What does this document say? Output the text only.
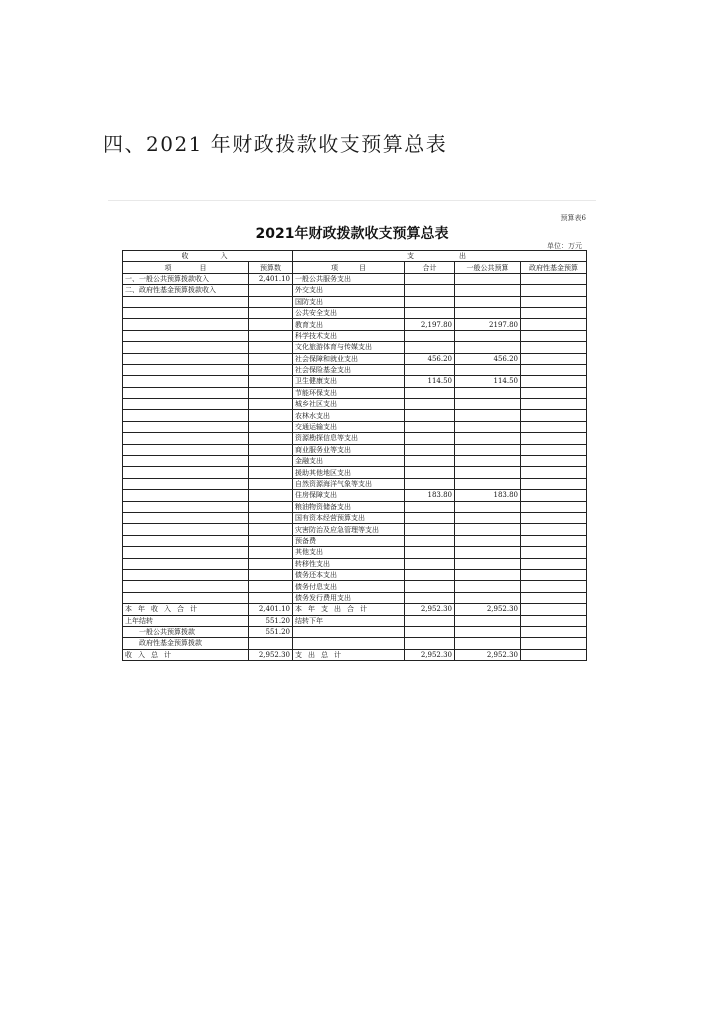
四、2021 年财政拨款收支预算总表
预算表6
2021年财政拨款收支预算总表
单位：万元
收　　入		支　　　出			
项　　　　目	预算数	项　　　目	合计	一般公共预算	政府性基金预算
一、一般公共预算拨款收入	2,401.10	一般公共服务支出			
二、政府性基金预算拨款收入		外交支出			
		国防支出			
		公共安全支出			
		教育支出	2,197.80	2197.80	
		科学技术支出			
		文化旅游体育与传媒支出			
		社会保障和就业支出	456.20	456.20	
		社会保险基金支出			
		卫生健康支出	114.50	114.50	
		节能环保支出			
		城乡社区支出			
		农林水支出			
		交通运输支出			
		资源勘探信息等支出			
		商业服务业等支出			
		金融支出			
		援助其他地区支出			
		自然资源海洋气象等支出			
		住房保障支出	183.80	183.80	
		粮油物资储备支出			
		国有资本经营预算支出			
		灾害防治及应急管理等支出			
		预备费			
		其他支出			
		转移性支出			
		债务还本支出			
		债务付息支出			
		债务发行费用支出			
本年收入合计	2,401.10	本年支出合计	2,952.30	2,952.30	
上年结转	551.20	结转下年			
一般公共预算拨款	551.20				
政府性基金预算拨款					
收入总计	2,952.30	支出总计	2,952.30	2,952.30	
